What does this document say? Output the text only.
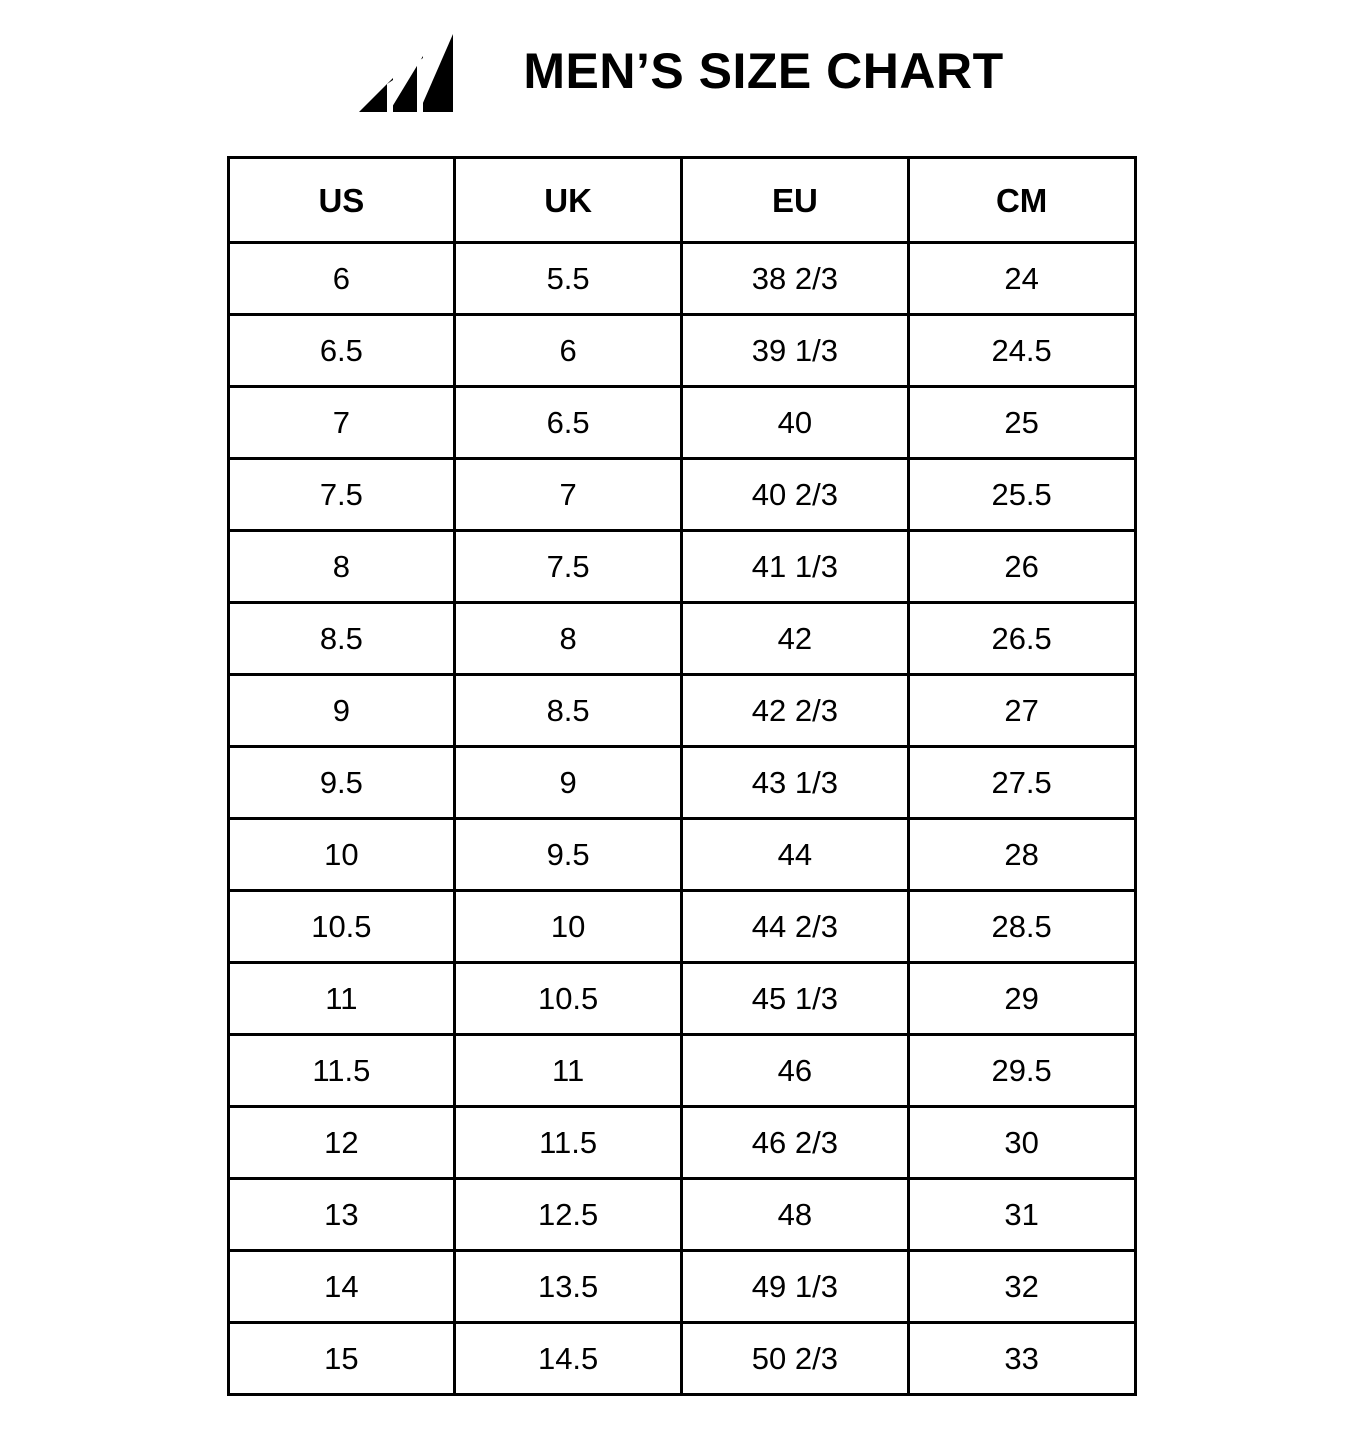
MEN’S SIZE CHART
US	UK	EU	CM
6	5.5	38 2/3	24
6.5	6	39 1/3	24.5
7	6.5	40	25
7.5	7	40 2/3	25.5
8	7.5	41 1/3	26
8.5	8	42	26.5
9	8.5	42 2/3	27
9.5	9	43 1/3	27.5
10	9.5	44	28
10.5	10	44 2/3	28.5
11	10.5	45 1/3	29
11.5	11	46	29.5
12	11.5	46 2/3	30
13	12.5	48	31
14	13.5	49 1/3	32
15	14.5	50 2/3	33
